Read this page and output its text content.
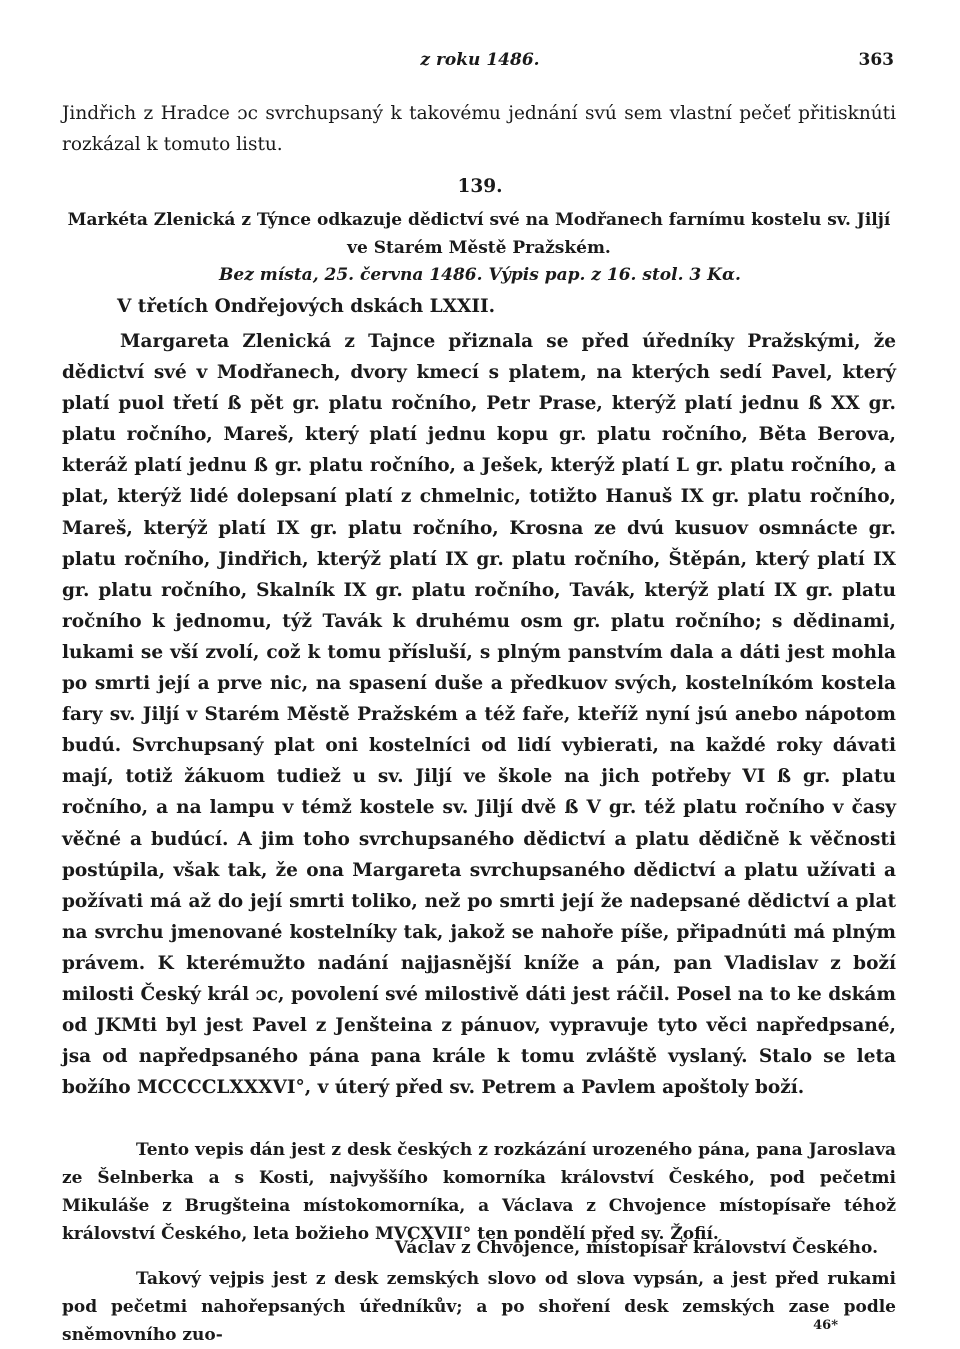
z roku 1486.	363
Jindřich z Hradce ɔc svrchupsaný k takovému jednání svú sem vlastní pečeť přitisknúti rozkázal k tomuto listu.
139.
Markéta Zlenická z Týnce odkazuje dědictví své na Modřanech farnímu kostelu sv. Jiljí ve Starém Městě Pražském.
Bez místa, 25. června 1486. Výpis pap. z 16. stol. 3 Kα.
V třetích Ondřejových dskách LXXII.
Margareta Zlenická z Tajnce přiznala se před úředníky Pražskými, že dědictví své v Modřanech, dvory kmecí s platem, na kterých sedí Pavel, který platí puol třetí ß pět gr. platu ročního, Petr Prase, kterýž platí jednu ß XX gr. platu ročního, Mareš, který platí jednu kopu gr. platu ročního, Běta Berova, kteráž platí jednu ß gr. platu ročního, a Ješek, kterýž platí L gr. platu ročního, a plat, kterýž lidé dolepsaní platí z chmelnic, totižto Hanuš IX gr. platu ročního, Mareš, kterýž platí IX gr. platu ročního, Krosna ze dvú kusuov osmnácte gr. platu ročního, Jindřich, kterýž platí IX gr. platu ročního, Štěpán, který platí IX gr. platu ročního, Skalník IX gr. platu ročního, Tavák, kterýž platí IX gr. platu ročního k jednomu, týž Tavák k druhému osm gr. platu ročního; s dědinami, lukami se vší zvolí, což k tomu přísluší, s plným panstvím dala a dáti jest mohla po smrti její a prve nic, na spasení duše a předkuov svých, kostelníkóm kostela fary sv. Jiljí v Starém Městě Pražském a též faře, kteříž nyní jsú anebo nápotom budú. Svrchupsaný plat oni kostelníci od lidí vybierati, na každé roky dávati mají, totiž žákuom tudiež u sv. Jiljí ve škole na jich potřeby VI ß gr. platu ročního, a na lampu v témž kostele sv. Jiljí dvě ß V gr. též platu ročního v časy věčné a budúcí. A jim toho svrchupsaného dědictví a platu dědičně k věčnosti postúpila, však tak, že ona Margareta svrchupsaného dědictví a platu užívati a požívati má až do její smrti toliko, než po smrti její že nadepsané dědictví a plat na svrchu jmenované kostelníky tak, jakož se nahoře píše, připadnúti má plným právem. K kterémužto nadání najjasnější kníže a pán, pan Vladislav z boží milosti Český král ɔc, povolení své milostivě dáti jest ráčil. Posel na to ke dskám od JKMti byl jest Pavel z Jenšteina z pánuov, vypravuje tyto věci napředpsané, jsa od napředpsaného pána pana krále k tomu zvláště vyslaný. Stalo se leta božího MCCCCLXXXVI°, v úterý před sv. Petrem a Pavlem apoštoly boží.
Tento vepis dán jest z desk českých z rozkázání urozeného pána, pana Jaroslava ze Šelnberka a s Kosti, najvyššího komorníka království Českého, pod pečetmi Mikuláše z Brugšteina místokomorníka, a Václava z Chvojence místopísaře téhož království Českého, leta božieho MVCXVII° ten pondělí před sv. Žofií.
Václav z Chvojence, místopísař království Českého.
Takový vejpis jest z desk zemských slovo od slova vypsán, a jest před rukami pod pečetmi nahořepsaných úředníkův; a po shoření desk zemských zase podle sněmovního zuo-	46*
